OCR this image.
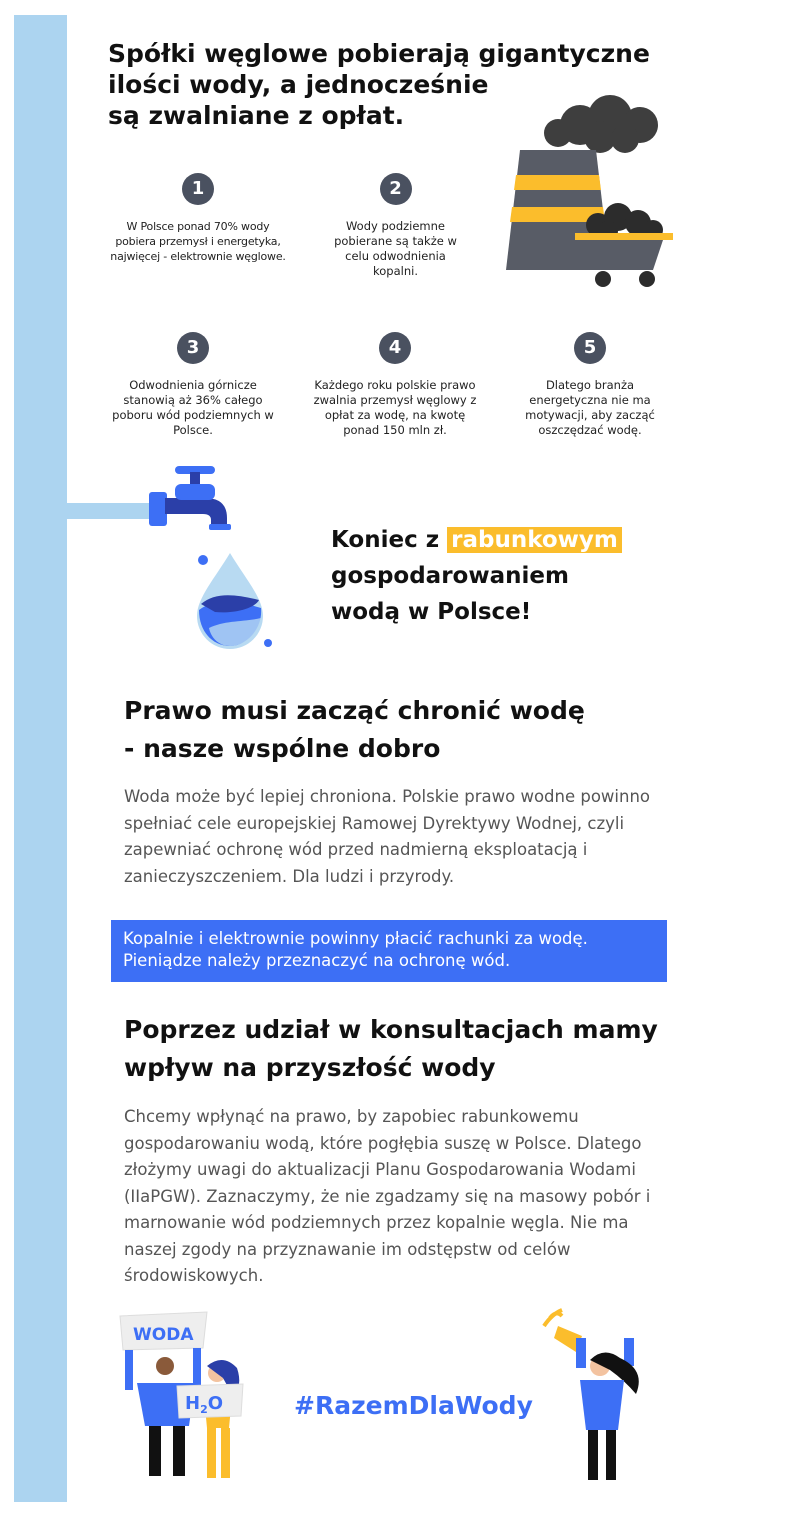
Spółki węglowe pobierają gigantyczne
ilości wody, a jednocześnie
są zwalniane z opłat.
1
W Polsce ponad 70% wody pobiera przemysł i energetyka, najwięcej - elektrownie węglowe.
2
Wody podziemne pobierane są także w celu odwodnienia kopalni.
3
Odwodnienia górnicze stanowią aż 36% całego poboru wód podziemnych w Polsce.
4
Każdego roku polskie prawo zwalnia przemysł węglowy z opłat za wodę, na kwotę ponad 150 mln zł.
5
Dlatego branża energetyczna nie ma motywacji, aby zacząć oszczędzać wodę.
Koniec z rabunkowym
gospodarowaniem
wodą w Polsce!
Prawo musi zacząć chronić wodę
- nasze wspólne dobro

Woda może być lepiej chroniona. Polskie prawo wodne powinno spełniać cele europejskiej Ramowej Dyrektywy Wodnej, czyli zapewniać ochronę wód przed nadmierną eksploatacją i zanieczyszczeniem. Dla ludzi i przyrody.

Kopalnie i elektrownie powinny płacić rachunki za wodę.
Pieniądze należy przeznaczyć na ochronę wód.
Poprzez udział w konsultacjach mamy
wpływ na przyszłość wody

Chcemy wpłynąć na prawo, by zapobiec rabunkowemu gospodarowaniu wodą, które pogłębia suszę w Polsce. Dlatego złożymy uwagi do aktualizacji Planu Gospodarowania Wodami (IIaPGW). Zaznaczymy, że nie zgadzamy się na masowy pobór i marnowanie wód podziemnych przez kopalnie węgla. Nie ma naszej zgody na przyznawanie im odstępstw od celów środowiskowych.

WODA
$H_2O$	#RazemDlaWody
